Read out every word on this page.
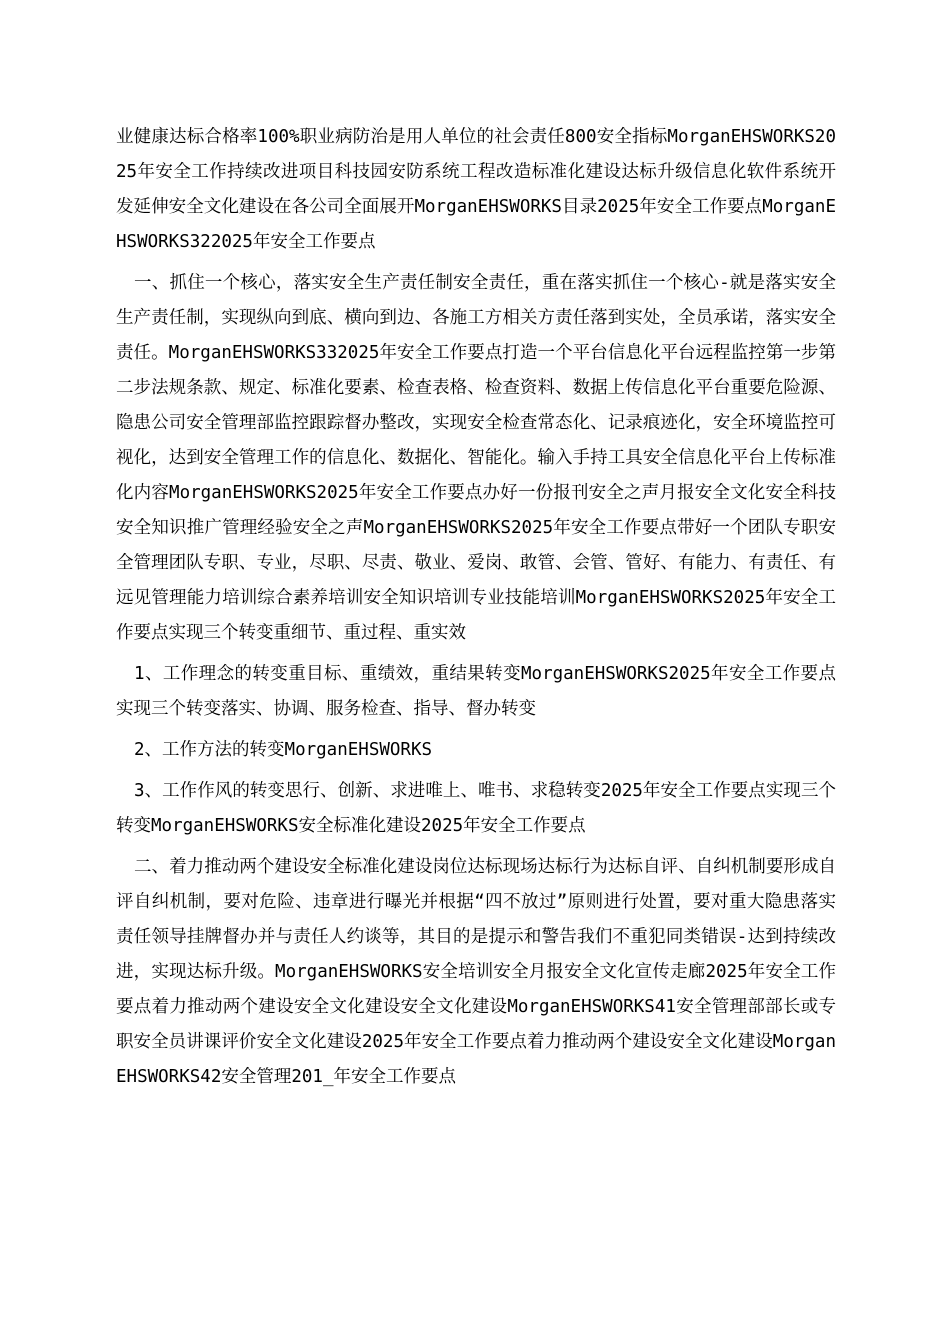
业健康达标合格率100%职业病防治是用人单位的社会责任800安全指标MorganEHSWORKS2025年安全工作持续改进项目科技园安防系统工程改造标准化建设达标升级信息化软件系统开发延伸安全文化建设在各公司全面展开MorganEHSWORKS目录2025年安全工作要点MorganEHSWORKS322025年安全工作要点

一、抓住一个核心，落实安全生产责任制安全责任，重在落实抓住一个核心-就是落实安全生产责任制，实现纵向到底、横向到边、各施工方相关方责任落到实处，全员承诺，落实安全责任。MorganEHSWORKS332025年安全工作要点打造一个平台信息化平台远程监控第一步第二步法规条款、规定、标准化要素、检查表格、检查资料、数据上传信息化平台重要危险源、隐患公司安全管理部监控跟踪督办整改，实现安全检查常态化、记录痕迹化，安全环境监控可视化，达到安全管理工作的信息化、数据化、智能化。输入手持工具安全信息化平台上传标准化内容MorganEHSWORKS2025年安全工作要点办好一份报刊安全之声月报安全文化安全科技安全知识推广管理经验安全之声MorganEHSWORKS2025年安全工作要点带好一个团队专职安全管理团队专职、专业，尽职、尽责、敬业、爱岗、敢管、会管、管好、有能力、有责任、有远见管理能力培训综合素养培训安全知识培训专业技能培训MorganEHSWORKS2025年安全工作要点实现三个转变重细节、重过程、重实效

1、工作理念的转变重目标、重绩效，重结果转变MorganEHSWORKS2025年安全工作要点实现三个转变落实、协调、服务检查、指导、督办转变

2、工作方法的转变MorganEHSWORKS

3、工作作风的转变思行、创新、求进唯上、唯书、求稳转变2025年安全工作要点实现三个转变MorganEHSWORKS安全标准化建设2025年安全工作要点

二、着力推动两个建设安全标准化建设岗位达标现场达标行为达标自评、自纠机制要形成自评自纠机制，要对危险、违章进行曝光并根据“四不放过”原则进行处置，要对重大隐患落实责任领导挂牌督办并与责任人约谈等，其目的是提示和警告我们不重犯同类错误-达到持续改进，实现达标升级。MorganEHSWORKS安全培训安全月报安全文化宣传走廊2025年安全工作要点着力推动两个建设安全文化建设安全文化建设MorganEHSWORKS41安全管理部部长或专职安全员讲课评价安全文化建设2025年安全工作要点着力推动两个建设安全文化建设MorganEHSWORKS42安全管理201_年安全工作要点
